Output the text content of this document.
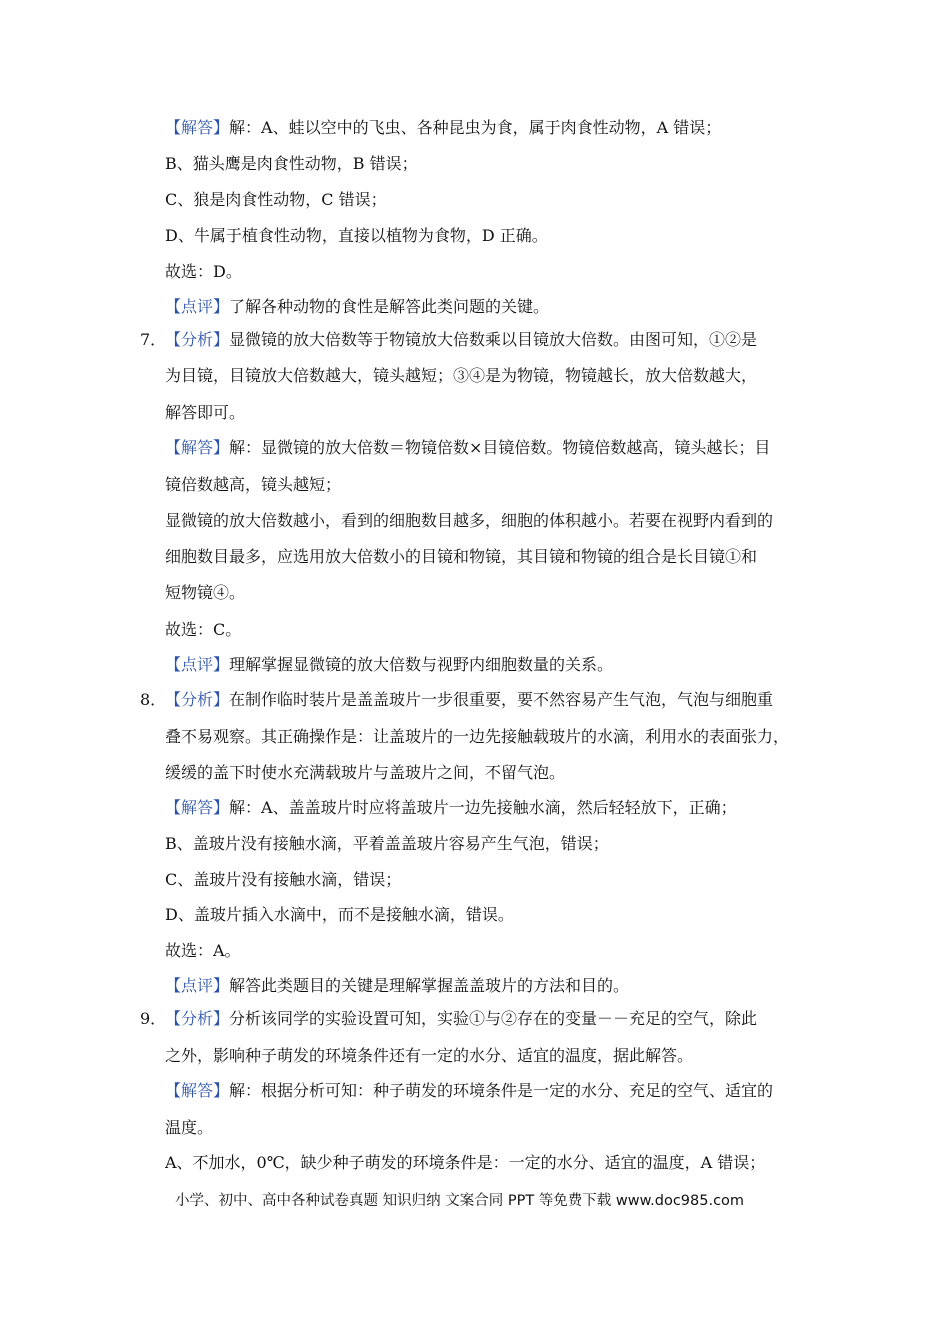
【解答】解：A、蛙以空中的飞虫、各种昆虫为食，属于肉食性动物，A 错误；
B、猫头鹰是肉食性动物，B 错误；
C、狼是肉食性动物，C 错误；
D、牛属于植食性动物，直接以植物为食物，D 正确。
故选：D。
【点评】了解各种动物的食性是解答此类问题的关键。
7．
【分析】显微镜的放大倍数等于物镜放大倍数乘以目镜放大倍数。由图可知，①②是
为目镜，目镜放大倍数越大，镜头越短；③④是为物镜，物镜越长，放大倍数越大，
解答即可。
【解答】解：显微镜的放大倍数＝物镜倍数×目镜倍数。物镜倍数越高，镜头越长；目
镜倍数越高，镜头越短；
显微镜的放大倍数越小，看到的细胞数目越多，细胞的体积越小。若要在视野内看到的
细胞数目最多，应选用放大倍数小的目镜和物镜，其目镜和物镜的组合是长目镜①和
短物镜④。
故选：C。
【点评】理解掌握显微镜的放大倍数与视野内细胞数量的关系。
8．
【分析】在制作临时装片是盖盖玻片一步很重要，要不然容易产生气泡，气泡与细胞重
叠不易观察。其正确操作是：让盖玻片的一边先接触载玻片的水滴，利用水的表面张力，
缓缓的盖下时使水充满载玻片与盖玻片之间，不留气泡。
【解答】解：A、盖盖玻片时应将盖玻片一边先接触水滴，然后轻轻放下，正确；
B、盖玻片没有接触水滴，平着盖盖玻片容易产生气泡，错误；
C、盖玻片没有接触水滴，错误；
D、盖玻片插入水滴中，而不是接触水滴，错误。
故选：A。
【点评】解答此类题目的关键是理解掌握盖盖玻片的方法和目的。
9．
【分析】分析该同学的实验设置可知，实验①与②存在的变量－－充足的空气，除此
之外，影响种子萌发的环境条件还有一定的水分、适宜的温度，据此解答。
【解答】解：根据分析可知：种子萌发的环境条件是一定的水分、充足的空气、适宜的
温度。
A、不加水，0℃，缺少种子萌发的环境条件是：一定的水分、适宜的温度，A 错误；
小学、初中、高中各种试卷真题 知识归纳 文案合同 PPT 等免费下载 www.doc985.com
